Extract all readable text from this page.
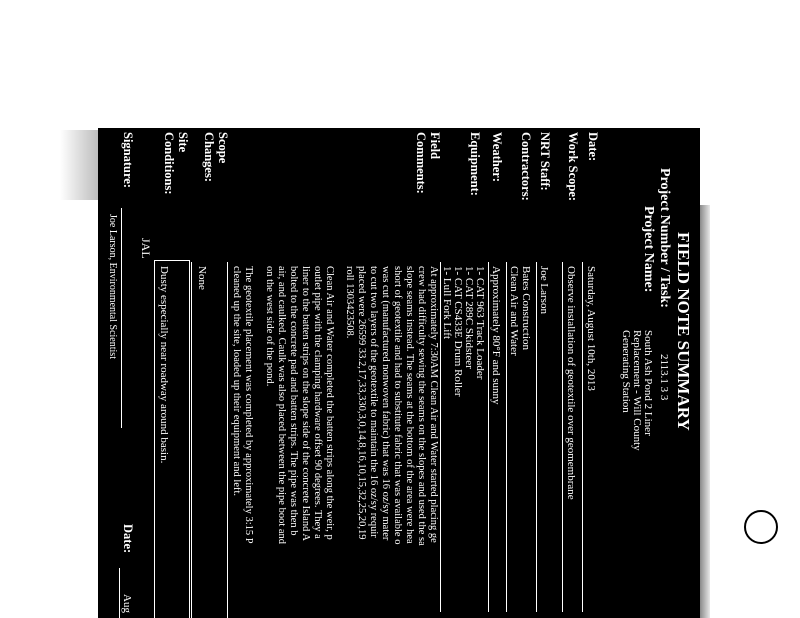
FIELD NOTE SUMMARY
Project Number / Task:
2113.1 3 3
Project Name:
South Ash Pond 2 Liner
Replacement - Will County
Generating Station
Date:
Saturday, August 10th, 2013
Work Scope:
Observe installation of geotextile over geomembrane
NRT Staff:
Joe Larson
Contractors:
Bates Construction
Clean Air and Water
Weather:
Approximately 80°F and sunny
Equipment:
1- CAT 963 Track Loader
1- CAT 289C Skidsteer
1- CAT CS433E Drum Roller
1- Lull Fork Lift
Field
Comments:
At approximately 7:30AM Clean Air and Water started placing ge
crew had difficulty sewing the seams on the slopes and used the sa
slope seams instead. The seams at the bottom of the area were hea
short of geotextile and had to substitute fabric that was available o
was cut (manufactured nonwoven fabric) that was 16 oz/sy mater
to cut two layers of the geotextile to maintain the 16 oz/sy requir
placed were 26599 33.2,17,33,330,3,0,14,8,16,10,15,32,25,20,19
roll 1303423508.
Clean Air and Water completed the batten strips along the weir, p
outlet pipe with the clamping hardware offset 90 degrees. They a
liner to the batten strips on the slope side of the concrete Island A
bolted to the concrete pad and batten strips. The pipe was then b
air, and caulked. Caulk was also placed between the pipe boot and
on the west side of the pond.
The geotextile placement was completed by approximately 3:15 P
cleaned up the site, loaded up their equipment and left.
Scope
Changes:
None
Site
Conditions:
Dusty especially near roadway around basin.
JAL
Signature:
Joe Larson, Environmental Scientist
Date:
Aug
